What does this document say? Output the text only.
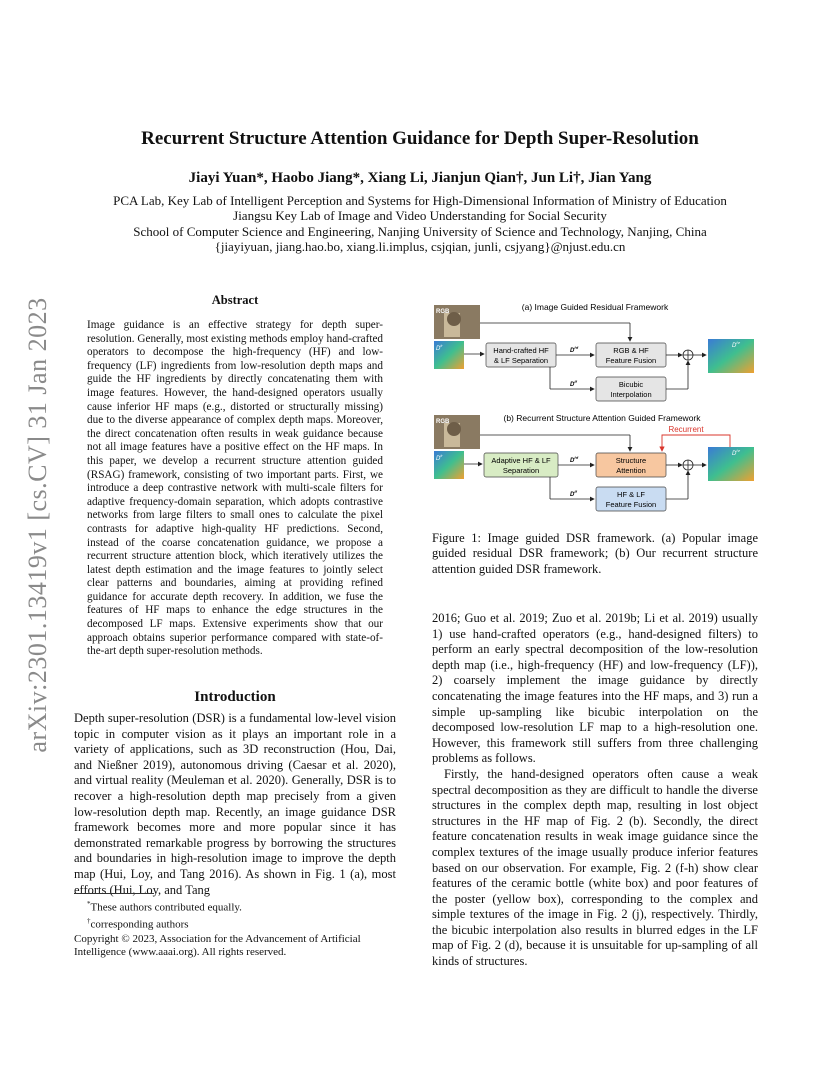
arXiv:2301.13419v1 [cs.CV] 31 Jan 2023
Recurrent Structure Attention Guidance for Depth Super-Resolution
Jiayi Yuan*, Haobo Jiang*, Xiang Li, Jianjun Qian†, Jun Li†, Jian Yang
PCA Lab, Key Lab of Intelligent Perception and Systems for High-Dimensional Information of Ministry of Education
Jiangsu Key Lab of Image and Video Understanding for Social Security
School of Computer Science and Engineering, Nanjing University of Science and Technology, Nanjing, China
{jiayiyuan, jiang.hao.bo, xiang.li.implus, csjqian, junli, csjyang}@njust.edu.cn
Abstract
Image guidance is an effective strategy for depth super-resolution. Generally, most existing methods employ hand-crafted operators to decompose the high-frequency (HF) and low-frequency (LF) ingredients from low-resolution depth maps and guide the HF ingredients by directly concatenating them with image features. However, the hand-designed operators usually cause inferior HF maps (e.g., distorted or structurally missing) due to the diverse appearance of complex depth maps. Moreover, the direct concatenation often results in weak guidance because not all image features have a positive effect on the HF maps. In this paper, we develop a recurrent structure attention guided (RSAG) framework, consisting of two important parts. First, we introduce a deep contrastive network with multi-scale filters for adaptive frequency-domain separation, which adopts contrastive networks from large filters to small ones to calculate the pixel contrasts for adaptive high-quality HF predictions. Second, instead of the coarse concatenation guidance, we propose a recurrent structure attention block, which iteratively utilizes the latest depth estimation and the image features to jointly select clear patterns and boundaries, aiming at providing refined guidance for accurate depth recovery. In addition, we fuse the features of HF maps to enhance the edge structures in the decomposed LF maps. Extensive experiments show that our approach obtains superior performance compared with state-of-the-art depth super-resolution methods.
Introduction
Depth super-resolution (DSR) is a fundamental low-level vision topic in computer vision as it plays an important role in a variety of applications, such as 3D reconstruction (Hou, Dai, and Nießner 2019), autonomous driving (Caesar et al. 2020), and virtual reality (Meuleman et al. 2020). Generally, DSR is to recover a high-resolution depth map precisely from a given low-resolution depth map. Recently, an image guidance DSR framework becomes more and more popular since it has demonstrated remarkable progress by borrowing the structures and boundaries in high-resolution image to improve the depth map (Hui, Loy, and Tang 2016). As shown in Fig. 1 (a), most efforts (Hui, Loy, and Tang
*These authors contributed equally.
†corresponding authors
Copyright © 2023, Association for the Advancement of Artificial Intelligence (www.aaai.org). All rights reserved.
(a) Image Guided Residual Framework
RGB
$D^{lr}$
Hand-crafted HF
& LF Separation
$D^{hf}$	RGB & HF
Feature Fusion
$D^{lf}$	Bicubic
Interpolation
$D^{hr}$
(b) Recurrent Structure Attention Guided Framework
Recurrent
RGB
$D^{lr}$
Adaptive HF & LF
Separation
$D^{hf}$	Structure
Attention
$D^{lf}$	HF & LF
Feature Fusion
$D^{hr}$
Figure 1: Image guided DSR framework. (a) Popular image guided residual DSR framework; (b) Our recurrent structure attention guided DSR framework.

2016; Guo et al. 2019; Zuo et al. 2019b; Li et al. 2019) usually 1) use hand-crafted operators (e.g., hand-designed filters) to perform an early spectral decomposition of the low-resolution depth map (i.e., high-frequency (HF) and low-frequency (LF)), 2) coarsely implement the image guidance by directly concatenating the image features into the HF maps, and 3) run a simple up-sampling like bicubic interpolation on the decomposed low-resolution LF map to a high-resolution one. However, this framework still suffers from three challenging problems as follows.

Firstly, the hand-designed operators often cause a weak spectral decomposition as they are difficult to handle the diverse structures in the complex depth map, resulting in lost object structures in the HF map of Fig. 2 (b). Secondly, the direct feature concatenation results in weak image guidance since the complex textures of the image usually produce inferior features based on our observation. For example, Fig. 2 (f-h) show clear features of the ceramic bottle (white box) and poor features of the poster (yellow box), corresponding to the complex and simple textures of the image in Fig. 2 (j), respectively. Thirdly, the bicubic interpolation also results in blurred edges in the LF map of Fig. 2 (d), because it is unsuitable for up-sampling of all kinds of structures.
